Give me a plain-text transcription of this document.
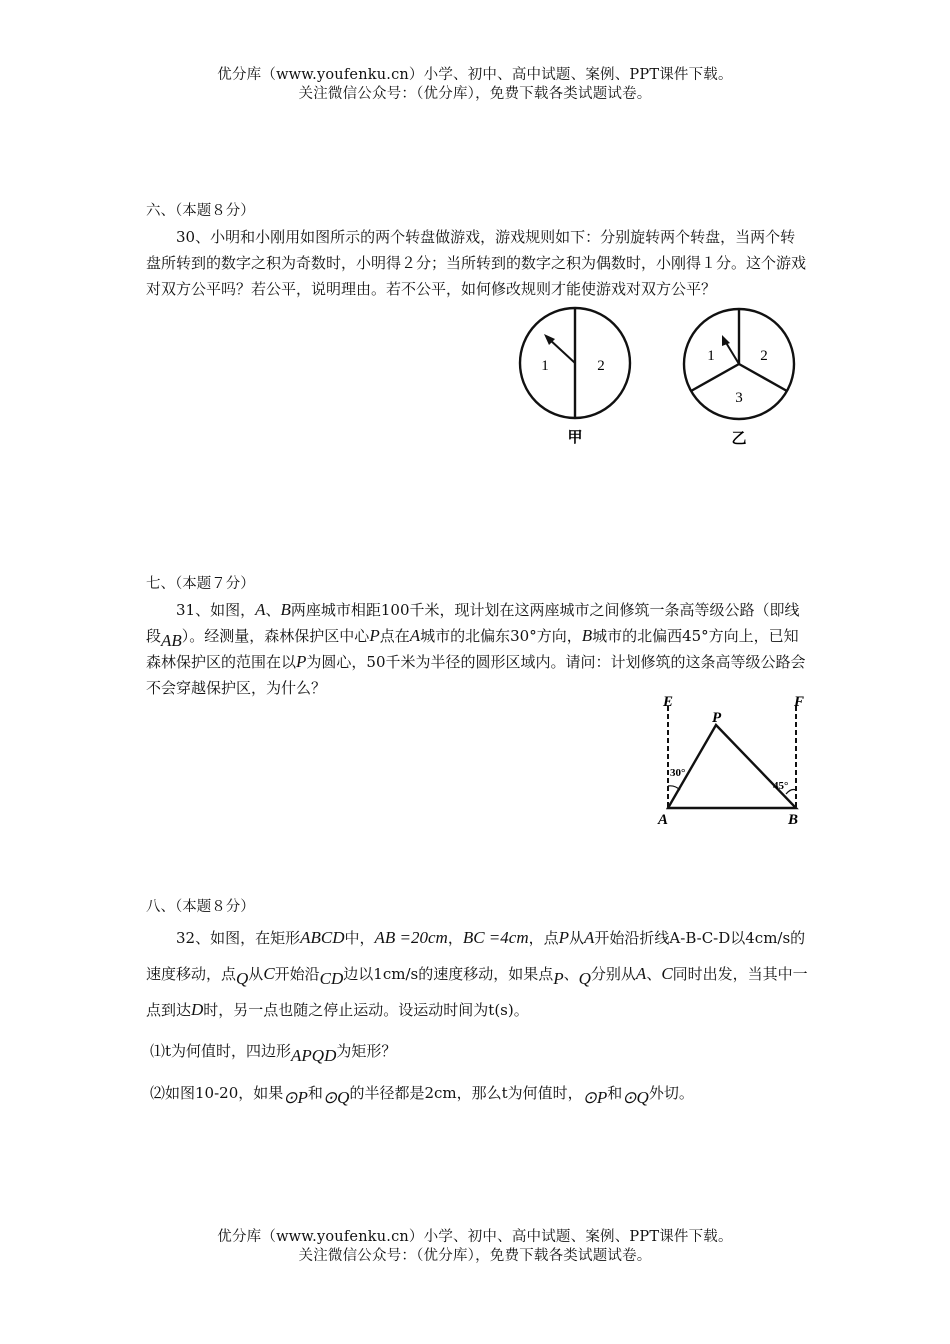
优分库（www.youfenku.cn）小学、初中、高中试题、案例、PPT课件下载。
关注微信公众号：（优分库），免费下载各类试题试卷。

六、（本题８分）

30、小明和小刚用如图所示的两个转盘做游戏，游戏规则如下：分别旋转两个转盘，当两个转盘所转到的数字之积为奇数时，小明得２分；当所转到的数字之积为偶数时，小刚得１分。这个游戏对双方公平吗？若公平，说明理由。若不公平，如何修改规则才能使游戏对双方公平？

1	2
甲
1	2
3
乙

七、（本题７分）

31、如图，A、B两座城市相距100千米，现计划在这两座城市之间修筑一条高等级公路（即线段AB）。经测量，森林保护区中心P点在A城市的北偏东30°方向，B城市的北偏西45°方向上，已知森林保护区的范围在以P为圆心，50千米为半径的圆形区域内。请问：计划修筑的这条高等级公路会不会穿越保护区，为什么？

E	F
P
A	B
30°
45°

八、（本题８分）

32、如图，在矩形ABCD中，AB =20cm，BC =4cm，点P从A开始沿折线A-B-C-D以4cm/s的速度移动，点Q从C开始沿CD边以1cm/s的速度移动，如果点P、Q分别从A、C同时出发，当其中一点到达D时，另一点也随之停止运动。设运动时间为t(s)。

⑴t为何值时，四边形APQD为矩形？

⑵如图10-20，如果⊙P和⊙Q的半径都是2cm，那么t为何值时，⊙P和⊙Q外切。

优分库（www.youfenku.cn）小学、初中、高中试题、案例、PPT课件下载。
关注微信公众号：（优分库），免费下载各类试题试卷。
